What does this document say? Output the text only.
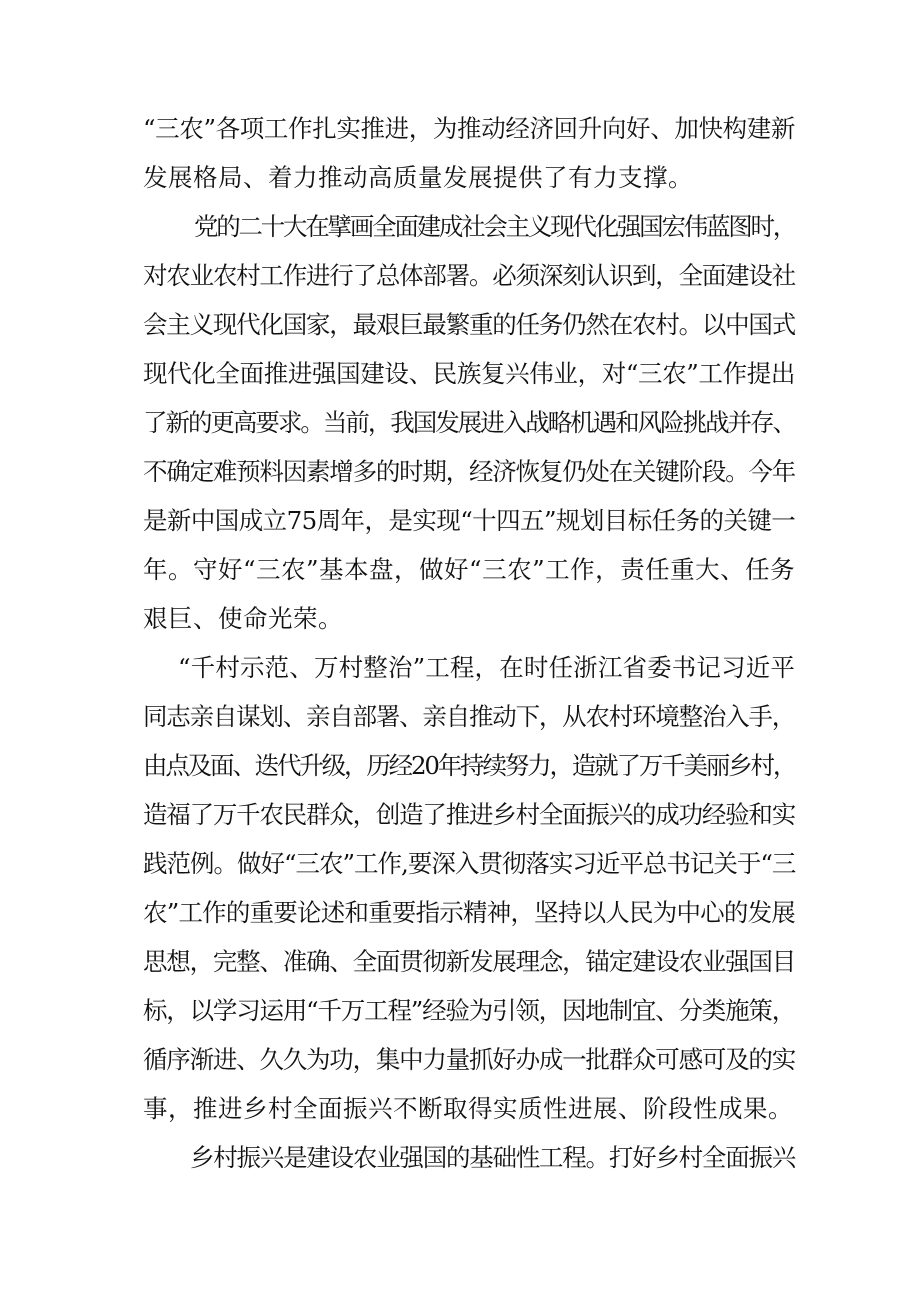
“三农”各项工作扎实推进，为推动经济回升向好、加快构建新
发展格局、着力推动高质量发展提供了有力支撑。
党的二十大在擘画全面建成社会主义现代化强国宏伟蓝图时，
对农业农村工作进行了总体部署。必须深刻认识到，全面建设社
会主义现代化国家，最艰巨最繁重的任务仍然在农村。以中国式
现代化全面推进强国建设、民族复兴伟业，对“三农”工作提出
了新的更高要求。当前，我国发展进入战略机遇和风险挑战并存、
不确定难预料因素增多的时期，经济恢复仍处在关键阶段。今年
是新中国成立75周年，是实现“十四五”规划目标任务的关键一
年。守好“三农”基本盘，做好“三农”工作，责任重大、任务
艰巨、使命光荣。
“千村示范、万村整治”工程，在时任浙江省委书记习近平
同志亲自谋划、亲自部署、亲自推动下，从农村环境整治入手，
由点及面、迭代升级，历经20年持续努力，造就了万千美丽乡村，
造福了万千农民群众，创造了推进乡村全面振兴的成功经验和实
践范例。做好“三农”工作,要深入贯彻落实习近平总书记关于“三
农”工作的重要论述和重要指示精神，坚持以人民为中心的发展
思想，完整、准确、全面贯彻新发展理念，锚定建设农业强国目
标，以学习运用“千万工程”经验为引领，因地制宜、分类施策，
循序渐进、久久为功，集中力量抓好办成一批群众可感可及的实
事，推进乡村全面振兴不断取得实质性进展、阶段性成果。
乡村振兴是建设农业强国的基础性工程。打好乡村全面振兴
